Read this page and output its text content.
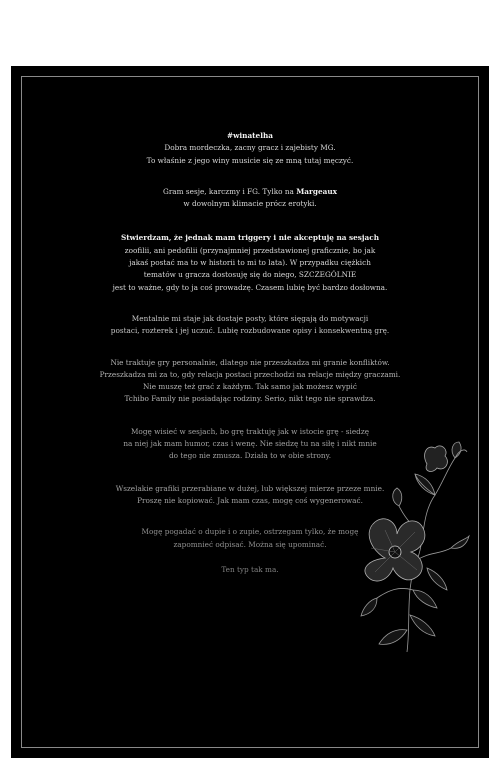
#winatelha

Dobra mordeczka, zacny gracz i zajebisty MG.

To właśnie z jego winy musicie się ze mną tutaj męczyć.

Gram sesje, karczmy i FG. Tylko na Margeaux

w dowolnym klimacie prócz erotyki.

Stwierdzam, że jednak mam triggery i nie akceptuję na sesjach

zoofilii, ani pedofilii (przynajmniej przedstawionej graficznie, bo jak

jakaś postać ma to w historii to mi to lata). W przypadku ciężkich

tematów u gracza dostosuję się do niego, SZCZEGÓLNIE

jest to ważne, gdy to ja coś prowadzę. Czasem lubię być bardzo dosłowna.

Mentalnie mi staje jak dostaje posty, które sięgają do motywacji

postaci, rozterek i jej uczuć. Lubię rozbudowane opisy i konsekwentną grę.

Nie traktuje gry personalnie, dlatego nie przeszkadza mi granie konfliktów.

Przeszkadza mi za to, gdy relacja postaci przechodzi na relacje między graczami.

Nie muszę też grać z każdym. Tak samo jak możesz wypić

Tchibo Family nie posiadając rodziny. Serio, nikt tego nie sprawdza.

Mogę wisieć w sesjach, bo grę traktuję jak w istocie grę - siedzę

na niej jak mam humor, czas i wenę. Nie siedzę tu na siłę i nikt mnie

do tego nie zmusza. Działa to w obie strony.

Wszelakie grafiki przerabiane w dużej, lub większej mierze przeze mnie.

Proszę nie kopiować. Jak mam czas, mogę coś wygenerować.

Mogę pogadać o dupie i o zupie, ostrzegam tylko, że mogę

zapomnieć odpisać. Można się upominać.

Ten typ tak ma.
